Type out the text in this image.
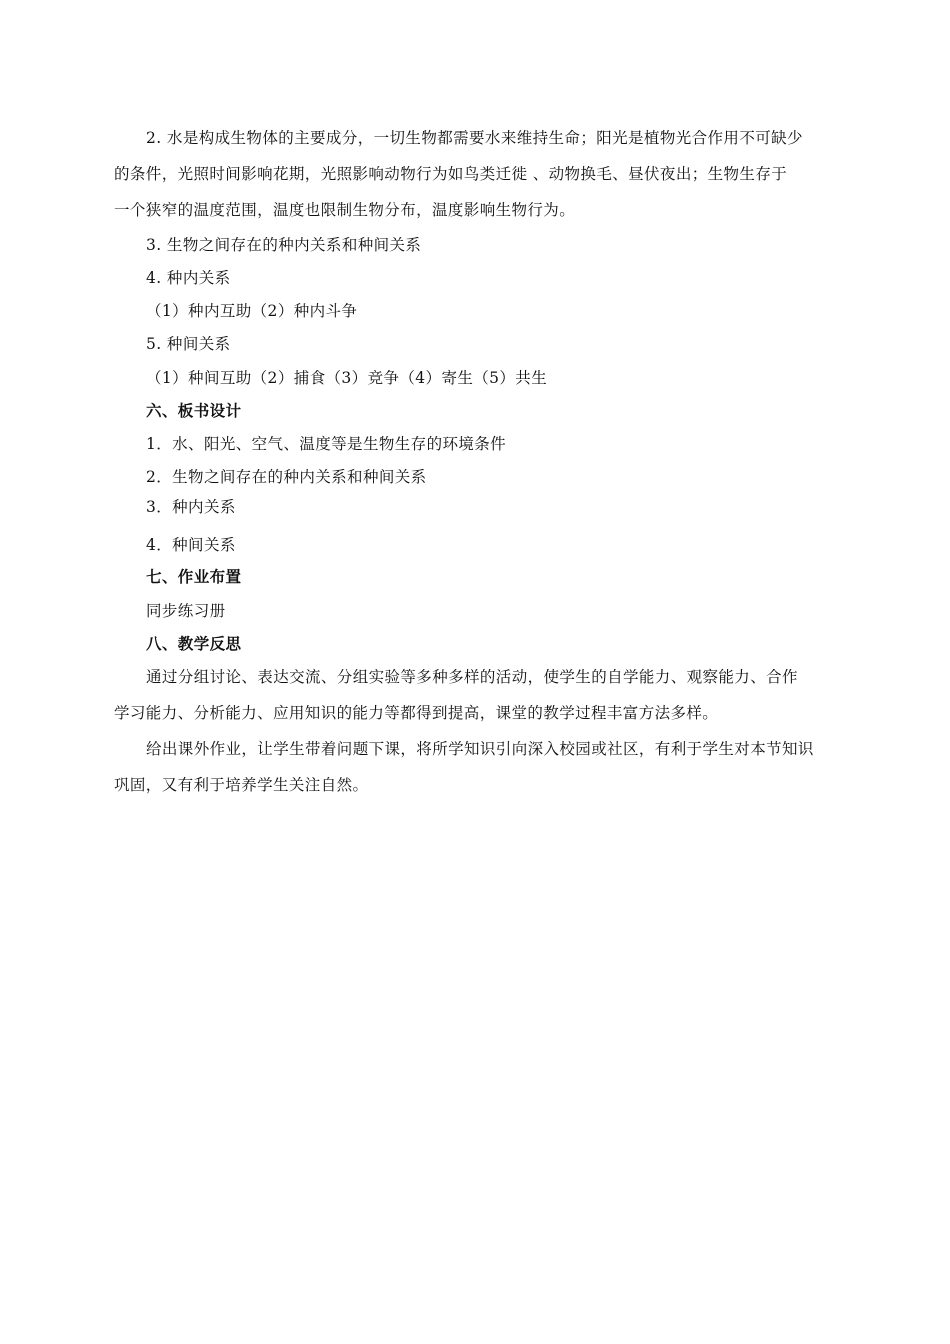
2. 水是构成生物体的主要成分，一切生物都需要水来维持生命；阳光是植物光合作用不可缺少
的条件，光照时间影响花期，光照影响动物行为如鸟类迁徙 、动物换毛、昼伏夜出；生物生存于
一个狭窄的温度范围，温度也限制生物分布，温度影响生物行为。
3. 生物之间存在的种内关系和种间关系
4. 种内关系
（1）种内互助（2）种内斗争
5. 种间关系
（1）种间互助（2）捕食（3）竞争（4）寄生（5）共生
六、板书设计
1．水、阳光、空气、温度等是生物生存的环境条件
2．生物之间存在的种内关系和种间关系
3．种内关系
4．种间关系
七、作业布置
同步练习册
八、教学反思
通过分组讨论、表达交流、分组实验等多种多样的活动，使学生的自学能力、观察能力、合作
学习能力、分析能力、应用知识的能力等都得到提高，课堂的教学过程丰富方法多样。
给出课外作业，让学生带着问题下课，将所学知识引向深入校园或社区，有利于学生对本节知识
巩固，又有利于培养学生关注自然。
